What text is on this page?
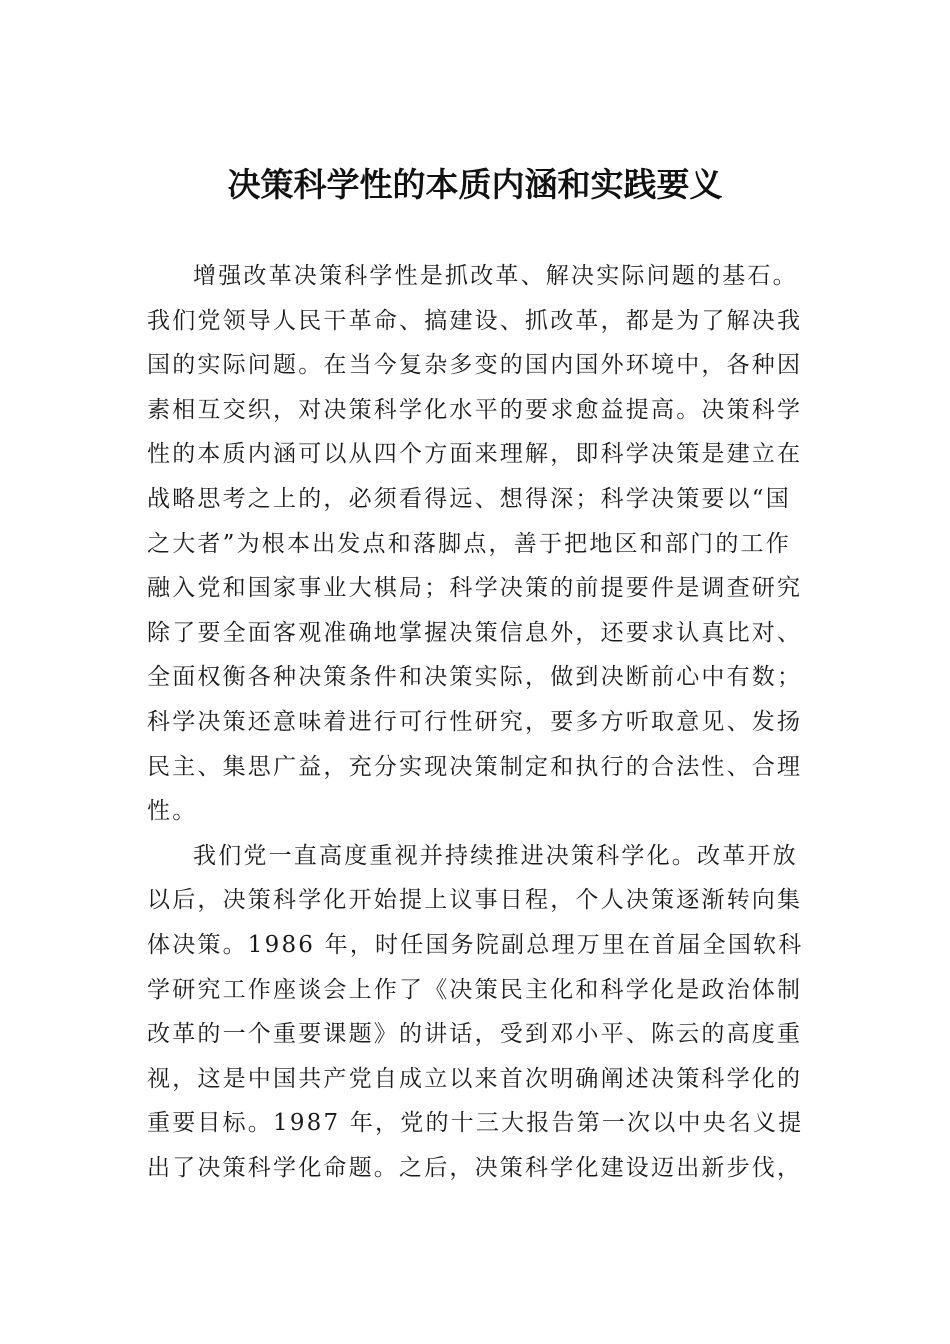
决策科学性的本质内涵和实践要义

增强改革决策科学性是抓改革、解决实际问题的基石。
我们党领导人民干革命、搞建设、抓改革，都是为了解决我
国的实际问题。在当今复杂多变的国内国外环境中，各种因
素相互交织，对决策科学化水平的要求愈益提高。决策科学
性的本质内涵可以从四个方面来理解，即科学决策是建立在
战略思考之上的，必须看得远、想得深；科学决策要以“国
之大者”为根本出发点和落脚点，善于把地区和部门的工作
融入党和国家事业大棋局；科学决策的前提要件是调查研究
除了要全面客观准确地掌握决策信息外，还要求认真比对、
全面权衡各种决策条件和决策实际，做到决断前心中有数；
科学决策还意味着进行可行性研究，要多方听取意见、发扬
民主、集思广益，充分实现决策制定和执行的合法性、合理
性。

我们党一直高度重视并持续推进决策科学化。改革开放
以后，决策科学化开始提上议事日程，个人决策逐渐转向集
体决策。1986 年，时任国务院副总理万里在首届全国软科
学研究工作座谈会上作了《决策民主化和科学化是政治体制
改革的一个重要课题》的讲话，受到邓小平、陈云的高度重
视，这是中国共产党自成立以来首次明确阐述决策科学化的
重要目标。1987 年，党的十三大报告第一次以中央名义提
出了决策科学化命题。之后，决策科学化建设迈出新步伐，
